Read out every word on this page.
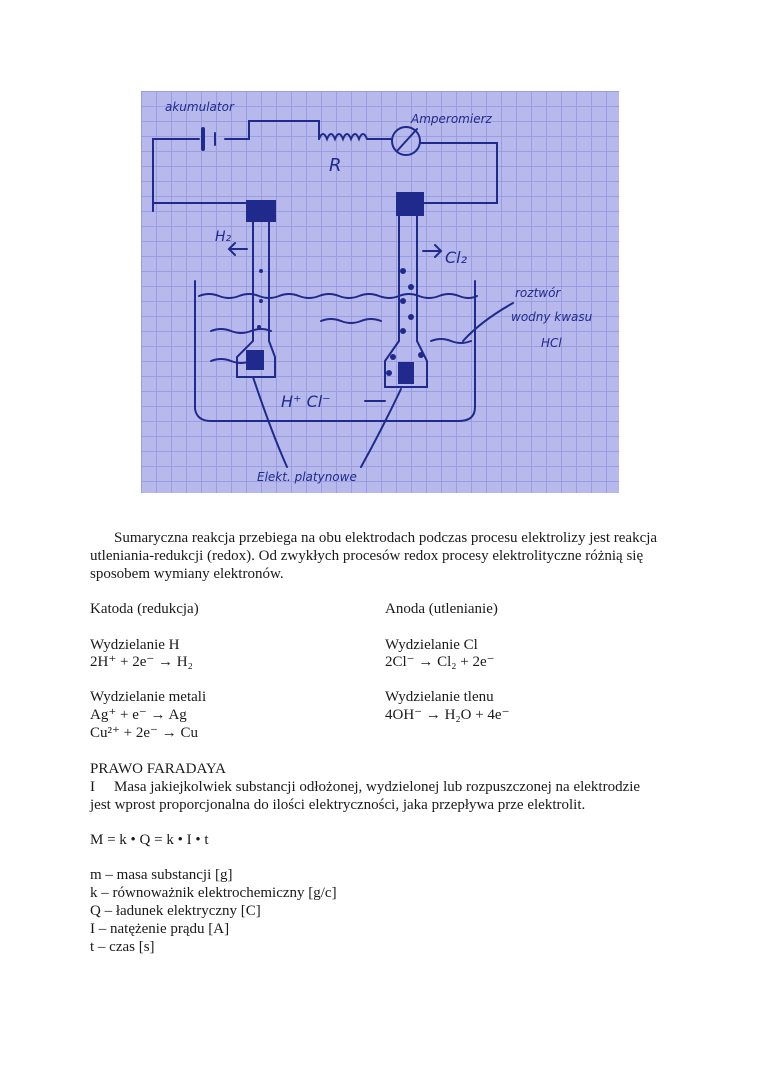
akumulator
Amperomierz
R
H₂
Cl₂
roztwór
wodny kwasu
HCl
H⁺ Cl⁻
Elekt. platynowe
Sumaryczna reakcja przebiega na obu elektrodach podczas procesu elektrolizy jest reakcja
utleniania-redukcji (redox). Od zwykłych procesów redox procesy elektrolityczne różnią się
sposobem wymiany elektronów.
Katoda (redukcja)	Anoda (utlenianie)
Wydzielanie H
2H⁺ + 2e⁻ → H₂
Wydzielanie Cl
2Cl⁻ → Cl₂ + 2e⁻
Wydzielanie metali
Ag⁺ + e⁻ → Ag
Cu²⁺ + 2e⁻ → Cu
Wydzielanie tlenu
4OH⁻ → H₂O + 4e⁻
PRAWO FARADAYA
I Masa jakiejkolwiek substancji odłożonej, wydzielonej lub rozpuszczonej na elektrodzie
jest wprost proporcjonalna do ilości elektryczności, jaka przepływa prze elektrolit.
M = k • Q = k • I • t
m – masa substancji [g]
k – równoważnik elektrochemiczny [g/c]
Q – ładunek elektryczny [C]
I – natężenie prądu [A]
t – czas [s]
